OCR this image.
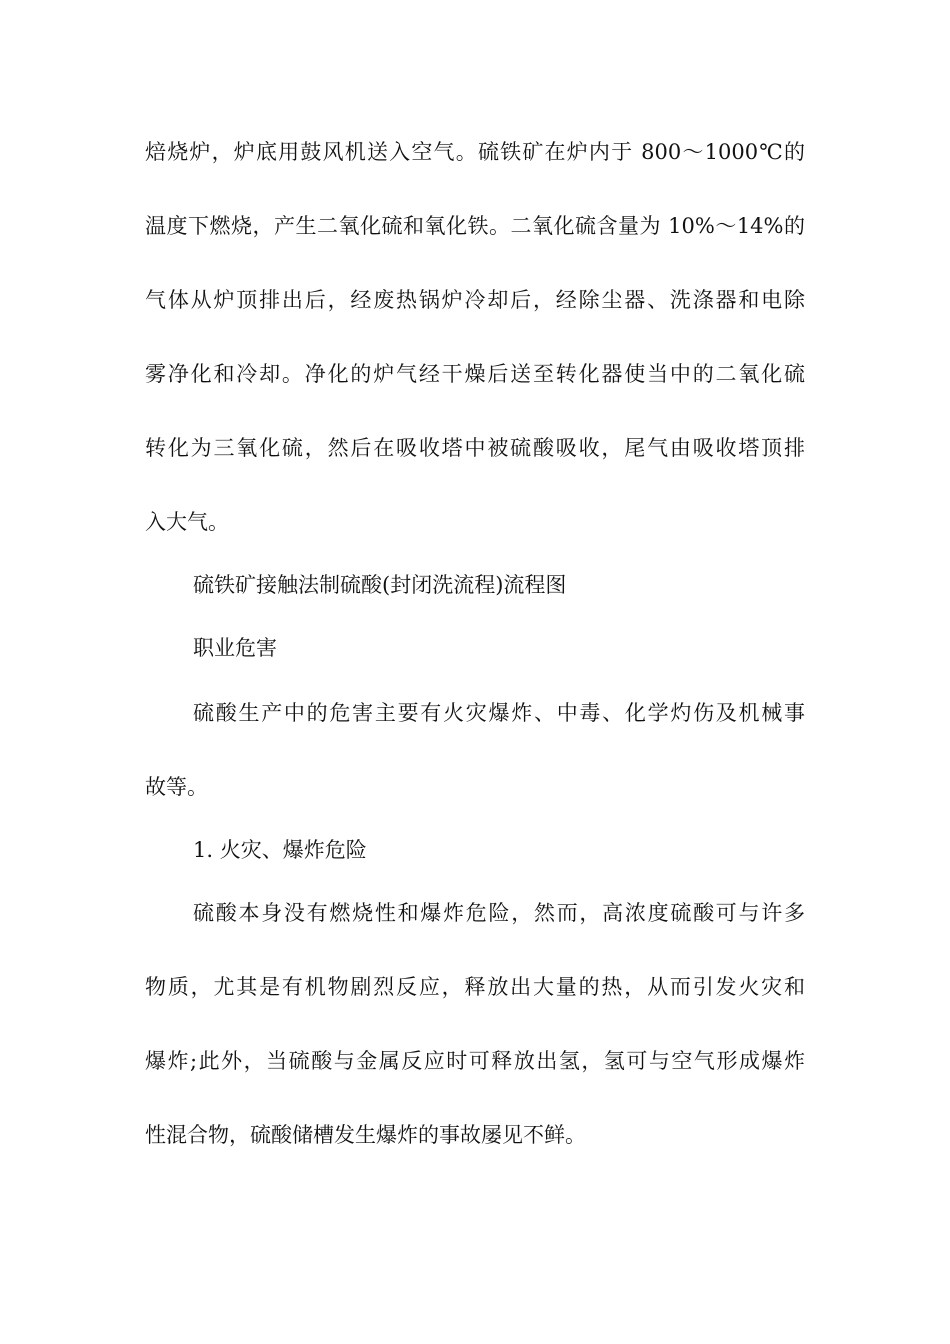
焙烧炉，炉底用鼓风机送入空气。硫铁矿在炉内于 800～1000℃的
温度下燃烧，产生二氧化硫和氧化铁。二氧化硫含量为 10%～14%的
气体从炉顶排出后，经废热锅炉冷却后，经除尘器、洗涤器和电除
雾净化和冷却。净化的炉气经干燥后送至转化器使当中的二氧化硫
转化为三氧化硫，然后在吸收塔中被硫酸吸收，尾气由吸收塔顶排
入大气。
硫铁矿接触法制硫酸(封闭洗流程)流程图
职业危害
硫酸生产中的危害主要有火灾爆炸、中毒、化学灼伤及机械事
故等。
1. 火灾、爆炸危险
硫酸本身没有燃烧性和爆炸危险，然而，高浓度硫酸可与许多
物质，尤其是有机物剧烈反应，释放出大量的热，从而引发火灾和
爆炸;此外，当硫酸与金属反应时可释放出氢，氢可与空气形成爆炸
性混合物，硫酸储槽发生爆炸的事故屡见不鲜。
